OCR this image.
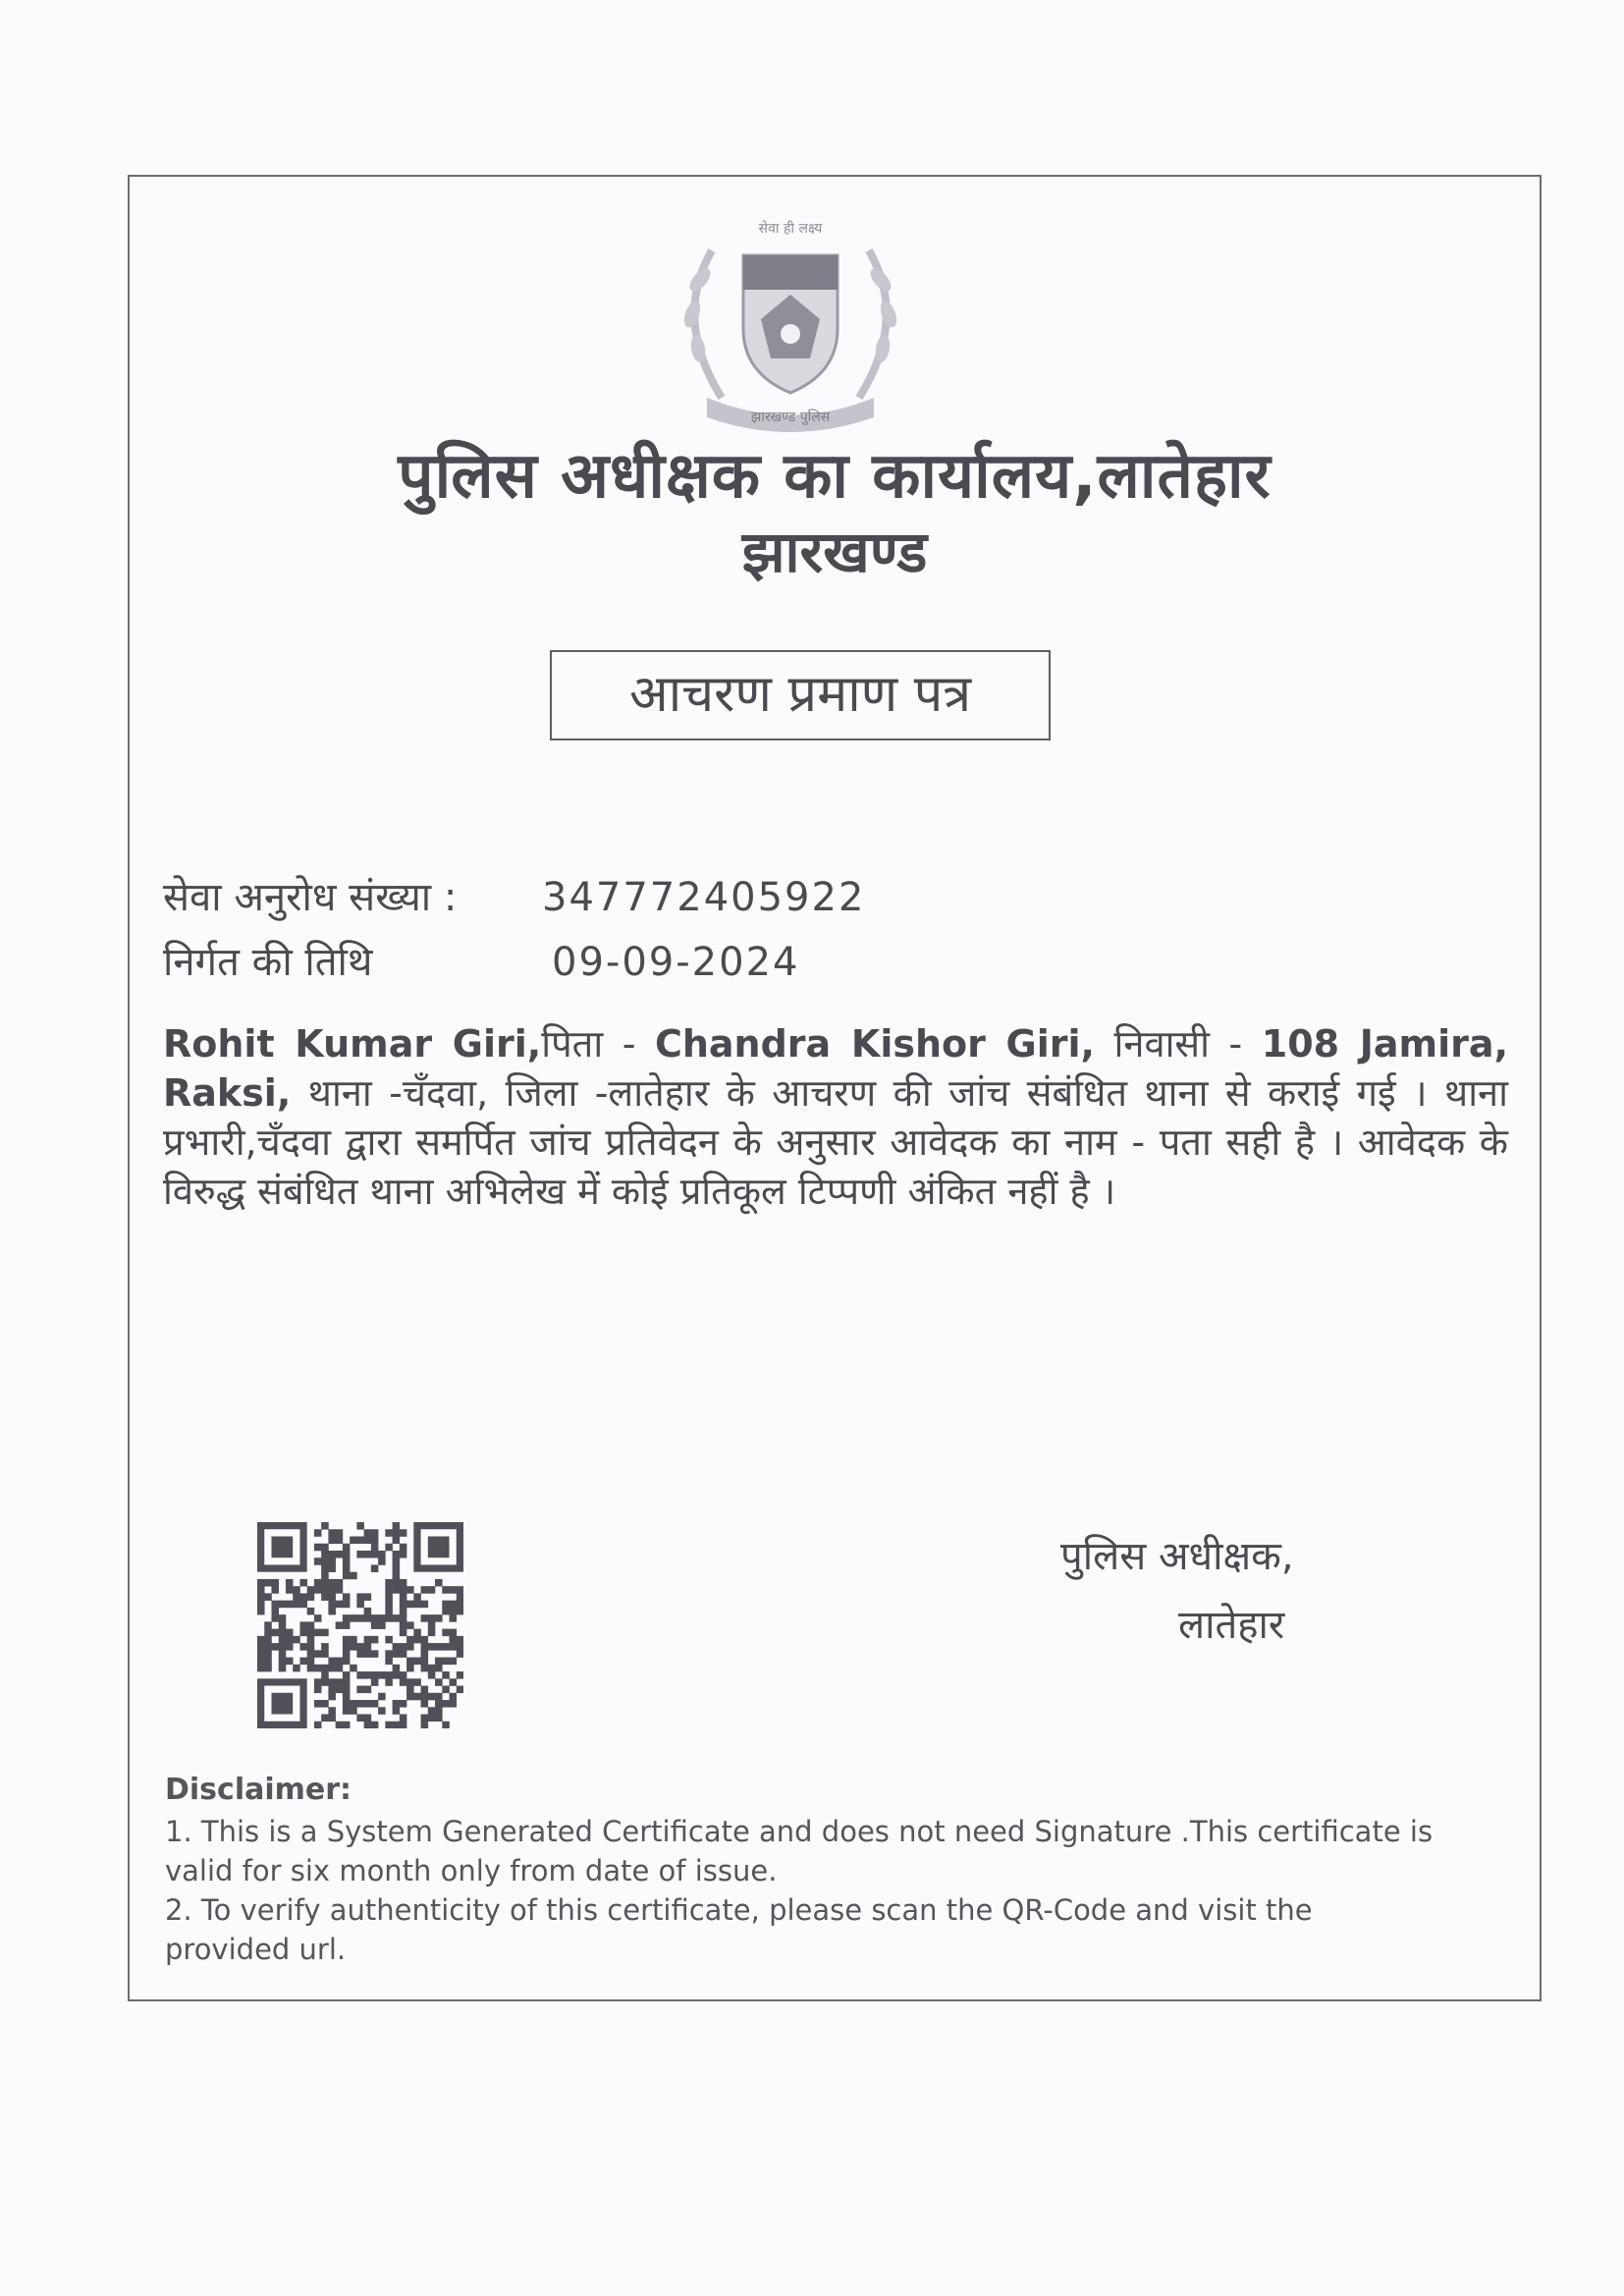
सेवा ही लक्ष्य
झारखण्ड पुलिस
पुलिस अधीक्षक का कार्यालय,लातेहार
झारखण्ड
आचरण प्रमाण पत्र
सेवा अनुरोध संख्या : 347772405922
निर्गत की तिथि	09-09-2024
Rohit Kumar Giri,पिता - Chandra Kishor Giri, निवासी - 108 Jamira, Raksi, थाना -चँदवा, जिला -लातेहार के आचरण की जांच संबंधित थाना से कराई गई । थाना प्रभारी,चँदवा द्वारा समर्पित जांच प्रतिवेदन के अनुसार आवेदक का नाम - पता सही है । आवेदक के विरुद्ध संबंधित थाना अभिलेख में कोई प्रतिकूल टिप्पणी अंकित नहीं है ।
पुलिस अधीक्षक,
लातेहार
Disclaimer:
1. This is a System Generated Certificate and does not need Signature .This certificate is valid for six month only from date of issue.
2. To verify authenticity of this certificate, please scan the QR-Code and visit the provided url.
